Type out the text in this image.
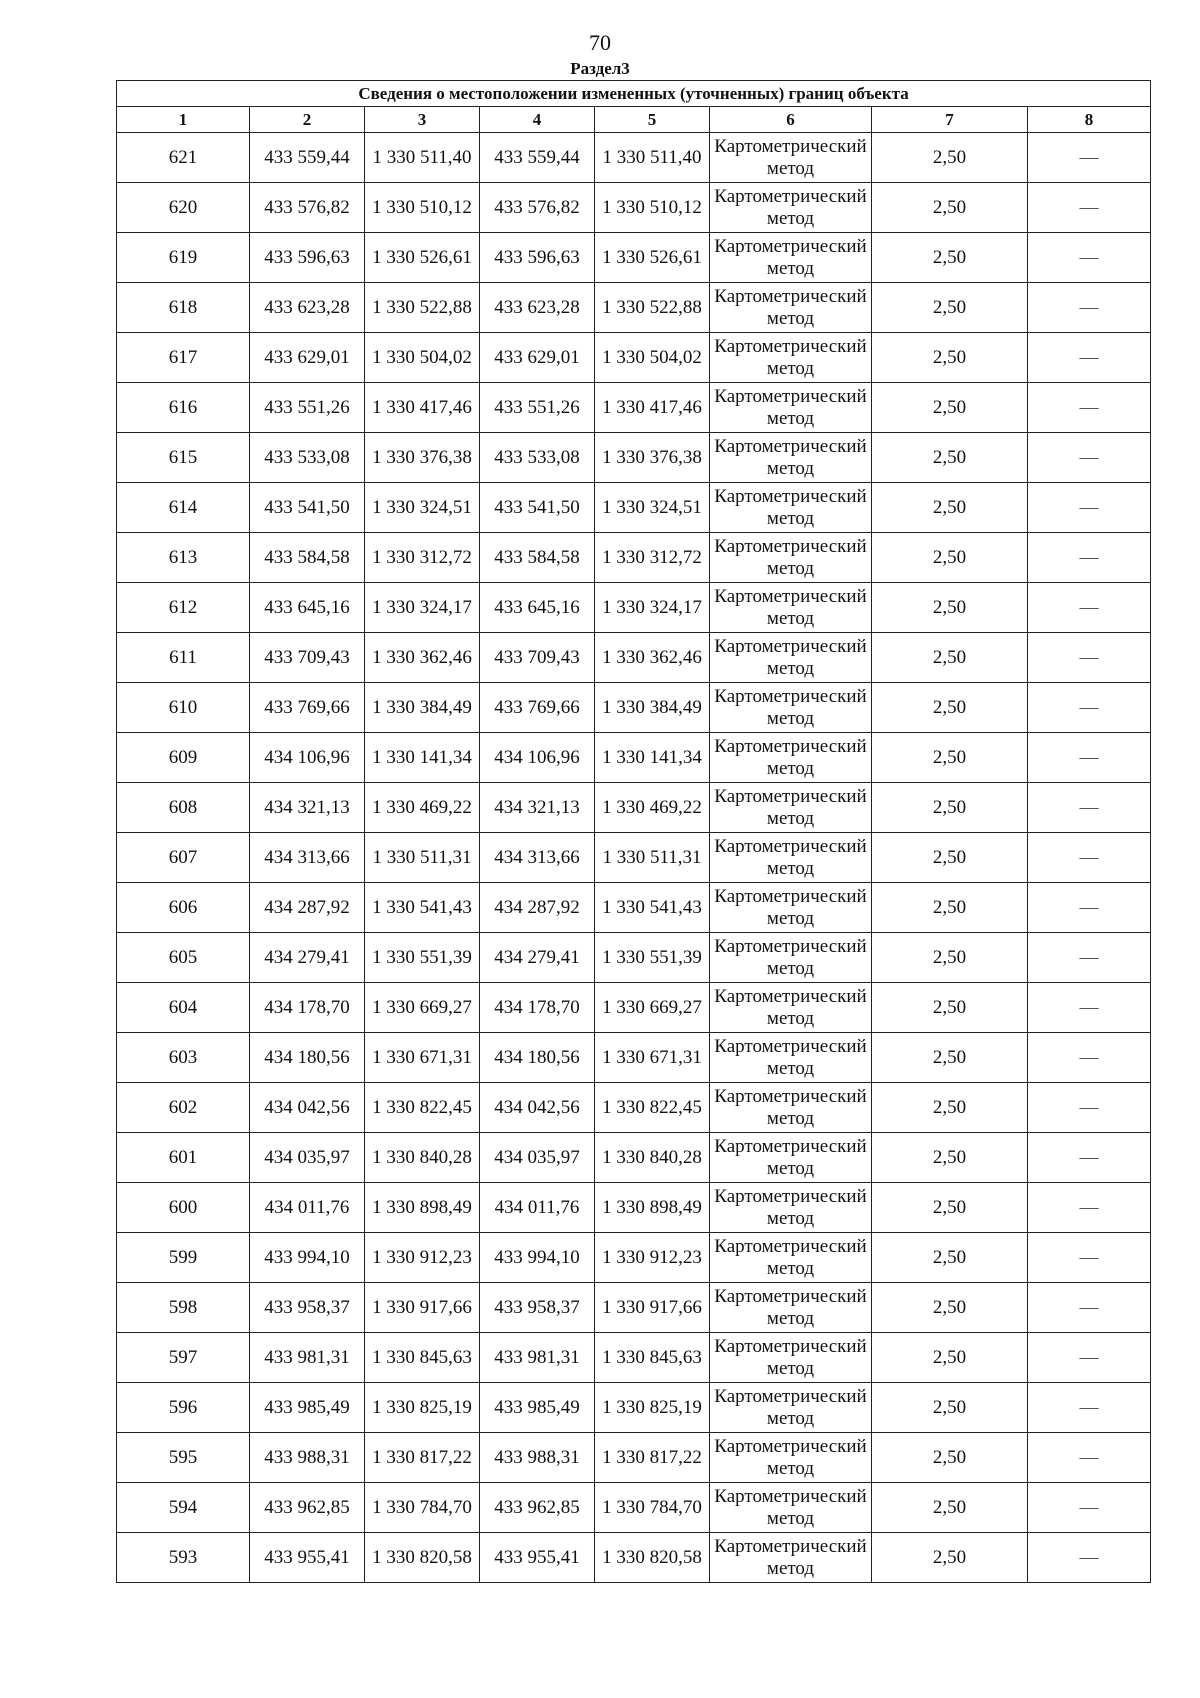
70
Раздел3
Сведения о местоположении измененных (уточненных) границ объекта							
1	2	3	4	5	6	7	8
621	433 559,44	1 330 511,40	433 559,44	1 330 511,40	Картометрический метод	2,50	—
620	433 576,82	1 330 510,12	433 576,82	1 330 510,12	Картометрический метод	2,50	—
619	433 596,63	1 330 526,61	433 596,63	1 330 526,61	Картометрический метод	2,50	—
618	433 623,28	1 330 522,88	433 623,28	1 330 522,88	Картометрический метод	2,50	—
617	433 629,01	1 330 504,02	433 629,01	1 330 504,02	Картометрический метод	2,50	—
616	433 551,26	1 330 417,46	433 551,26	1 330 417,46	Картометрический метод	2,50	—
615	433 533,08	1 330 376,38	433 533,08	1 330 376,38	Картометрический метод	2,50	—
614	433 541,50	1 330 324,51	433 541,50	1 330 324,51	Картометрический метод	2,50	—
613	433 584,58	1 330 312,72	433 584,58	1 330 312,72	Картометрический метод	2,50	—
612	433 645,16	1 330 324,17	433 645,16	1 330 324,17	Картометрический метод	2,50	—
611	433 709,43	1 330 362,46	433 709,43	1 330 362,46	Картометрический метод	2,50	—
610	433 769,66	1 330 384,49	433 769,66	1 330 384,49	Картометрический метод	2,50	—
609	434 106,96	1 330 141,34	434 106,96	1 330 141,34	Картометрический метод	2,50	—
608	434 321,13	1 330 469,22	434 321,13	1 330 469,22	Картометрический метод	2,50	—
607	434 313,66	1 330 511,31	434 313,66	1 330 511,31	Картометрический метод	2,50	—
606	434 287,92	1 330 541,43	434 287,92	1 330 541,43	Картометрический метод	2,50	—
605	434 279,41	1 330 551,39	434 279,41	1 330 551,39	Картометрический метод	2,50	—
604	434 178,70	1 330 669,27	434 178,70	1 330 669,27	Картометрический метод	2,50	—
603	434 180,56	1 330 671,31	434 180,56	1 330 671,31	Картометрический метод	2,50	—
602	434 042,56	1 330 822,45	434 042,56	1 330 822,45	Картометрический метод	2,50	—
601	434 035,97	1 330 840,28	434 035,97	1 330 840,28	Картометрический метод	2,50	—
600	434 011,76	1 330 898,49	434 011,76	1 330 898,49	Картометрический метод	2,50	—
599	433 994,10	1 330 912,23	433 994,10	1 330 912,23	Картометрический метод	2,50	—
598	433 958,37	1 330 917,66	433 958,37	1 330 917,66	Картометрический метод	2,50	—
597	433 981,31	1 330 845,63	433 981,31	1 330 845,63	Картометрический метод	2,50	—
596	433 985,49	1 330 825,19	433 985,49	1 330 825,19	Картометрический метод	2,50	—
595	433 988,31	1 330 817,22	433 988,31	1 330 817,22	Картометрический метод	2,50	—
594	433 962,85	1 330 784,70	433 962,85	1 330 784,70	Картометрический метод	2,50	—
593	433 955,41	1 330 820,58	433 955,41	1 330 820,58	Картометрический метод	2,50	—
